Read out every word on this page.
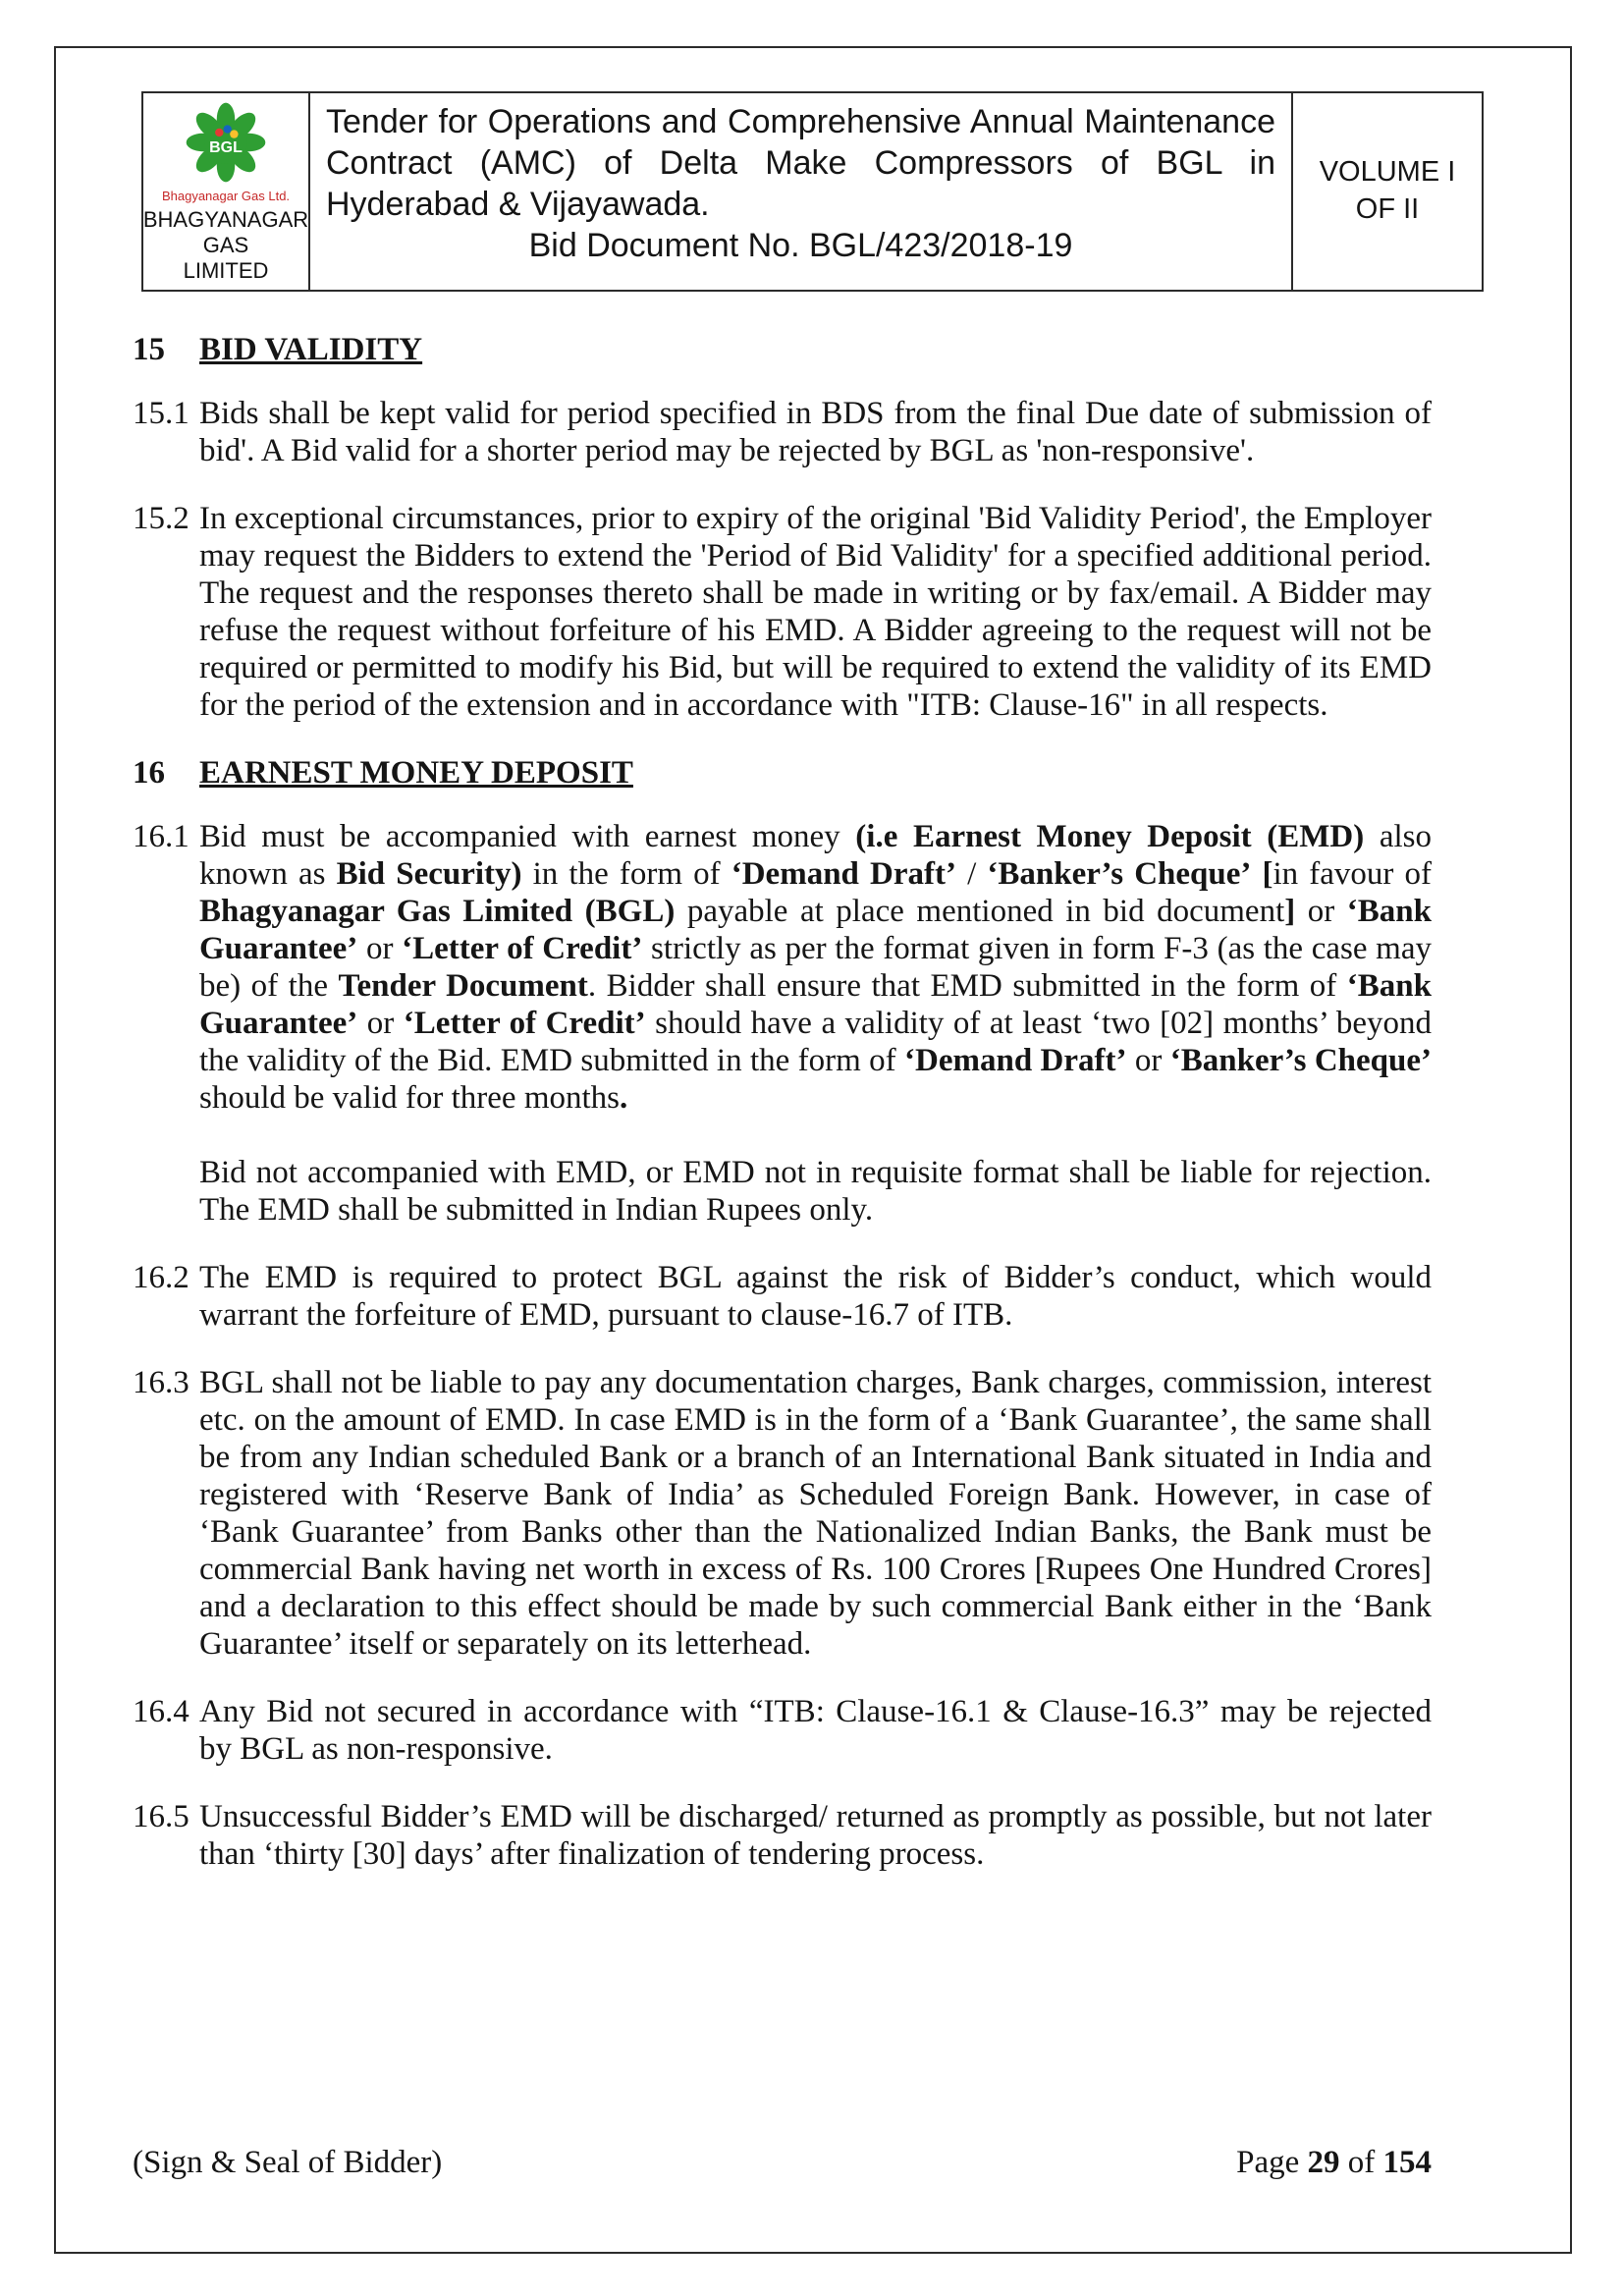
BGL
Bhagyanagar Gas Ltd.
BHAGYANAGAR GAS
LIMITED
Tender for Operations and Comprehensive Annual Maintenance Contract (AMC) of Delta Make Compressors of BGL in Hyderabad & Vijayawada.
Bid Document No. BGL/423/2018-19
VOLUME I
OF II
15	BID VALIDITY
15.1 Bids shall be kept valid for period specified in BDS from the final Due date of submission of bid'. A Bid valid for a shorter period may be rejected by BGL as 'non-responsive'.

15.2 In exceptional circumstances, prior to expiry of the original 'Bid Validity Period', the Employer may request the Bidders to extend the 'Period of Bid Validity' for a specified additional period. The request and the responses thereto shall be made in writing or by fax/email. A Bidder may refuse the request without forfeiture of his EMD. A Bidder agreeing to the request will not be required or permitted to modify his Bid, but will be required to extend the validity of its EMD for the period of the extension and in accordance with "ITB: Clause-16" in all respects.

16	EARNEST MONEY DEPOSIT
16.1 Bid must be accompanied with earnest money (i.e Earnest Money Deposit (EMD) also known as Bid Security) in the form of ‘Demand Draft’ / ‘Banker’s Cheque’ [in favour of Bhagyanagar Gas Limited (BGL) payable at place mentioned in bid document] or ‘Bank Guarantee’ or ‘Letter of Credit’ strictly as per the format given in form F-3 (as the case may be) of the Tender Document. Bidder shall ensure that EMD submitted in the form of ‘Bank Guarantee’ or ‘Letter of Credit’ should have a validity of at least ‘two [02] months’ beyond the validity of the Bid. EMD submitted in the form of ‘Demand Draft’ or ‘Banker’s Cheque’ should be valid for three months.

Bid not accompanied with EMD, or EMD not in requisite format shall be liable for rejection. The EMD shall be submitted in Indian Rupees only.

16.2 The EMD is required to protect BGL against the risk of Bidder’s conduct, which would warrant the forfeiture of EMD, pursuant to clause-16.7 of ITB.

16.3 BGL shall not be liable to pay any documentation charges, Bank charges, commission, interest etc. on the amount of EMD. In case EMD is in the form of a ‘Bank Guarantee’, the same shall be from any Indian scheduled Bank or a branch of an International Bank situated in India and registered with ‘Reserve Bank of India’ as Scheduled Foreign Bank. However, in case of ‘Bank Guarantee’ from Banks other than the Nationalized Indian Banks, the Bank must be commercial Bank having net worth in excess of Rs. 100 Crores [Rupees One Hundred Crores] and a declaration to this effect should be made by such commercial Bank either in the ‘Bank Guarantee’ itself or separately on its letterhead.

16.4 Any Bid not secured in accordance with “ITB: Clause-16.1 & Clause-16.3” may be rejected by BGL as non-responsive.

16.5 Unsuccessful Bidder’s EMD will be discharged/ returned as promptly as possible, but not later than ‘thirty [30] days’ after finalization of tendering process.

(Sign & Seal of Bidder)	Page 29 of 154
